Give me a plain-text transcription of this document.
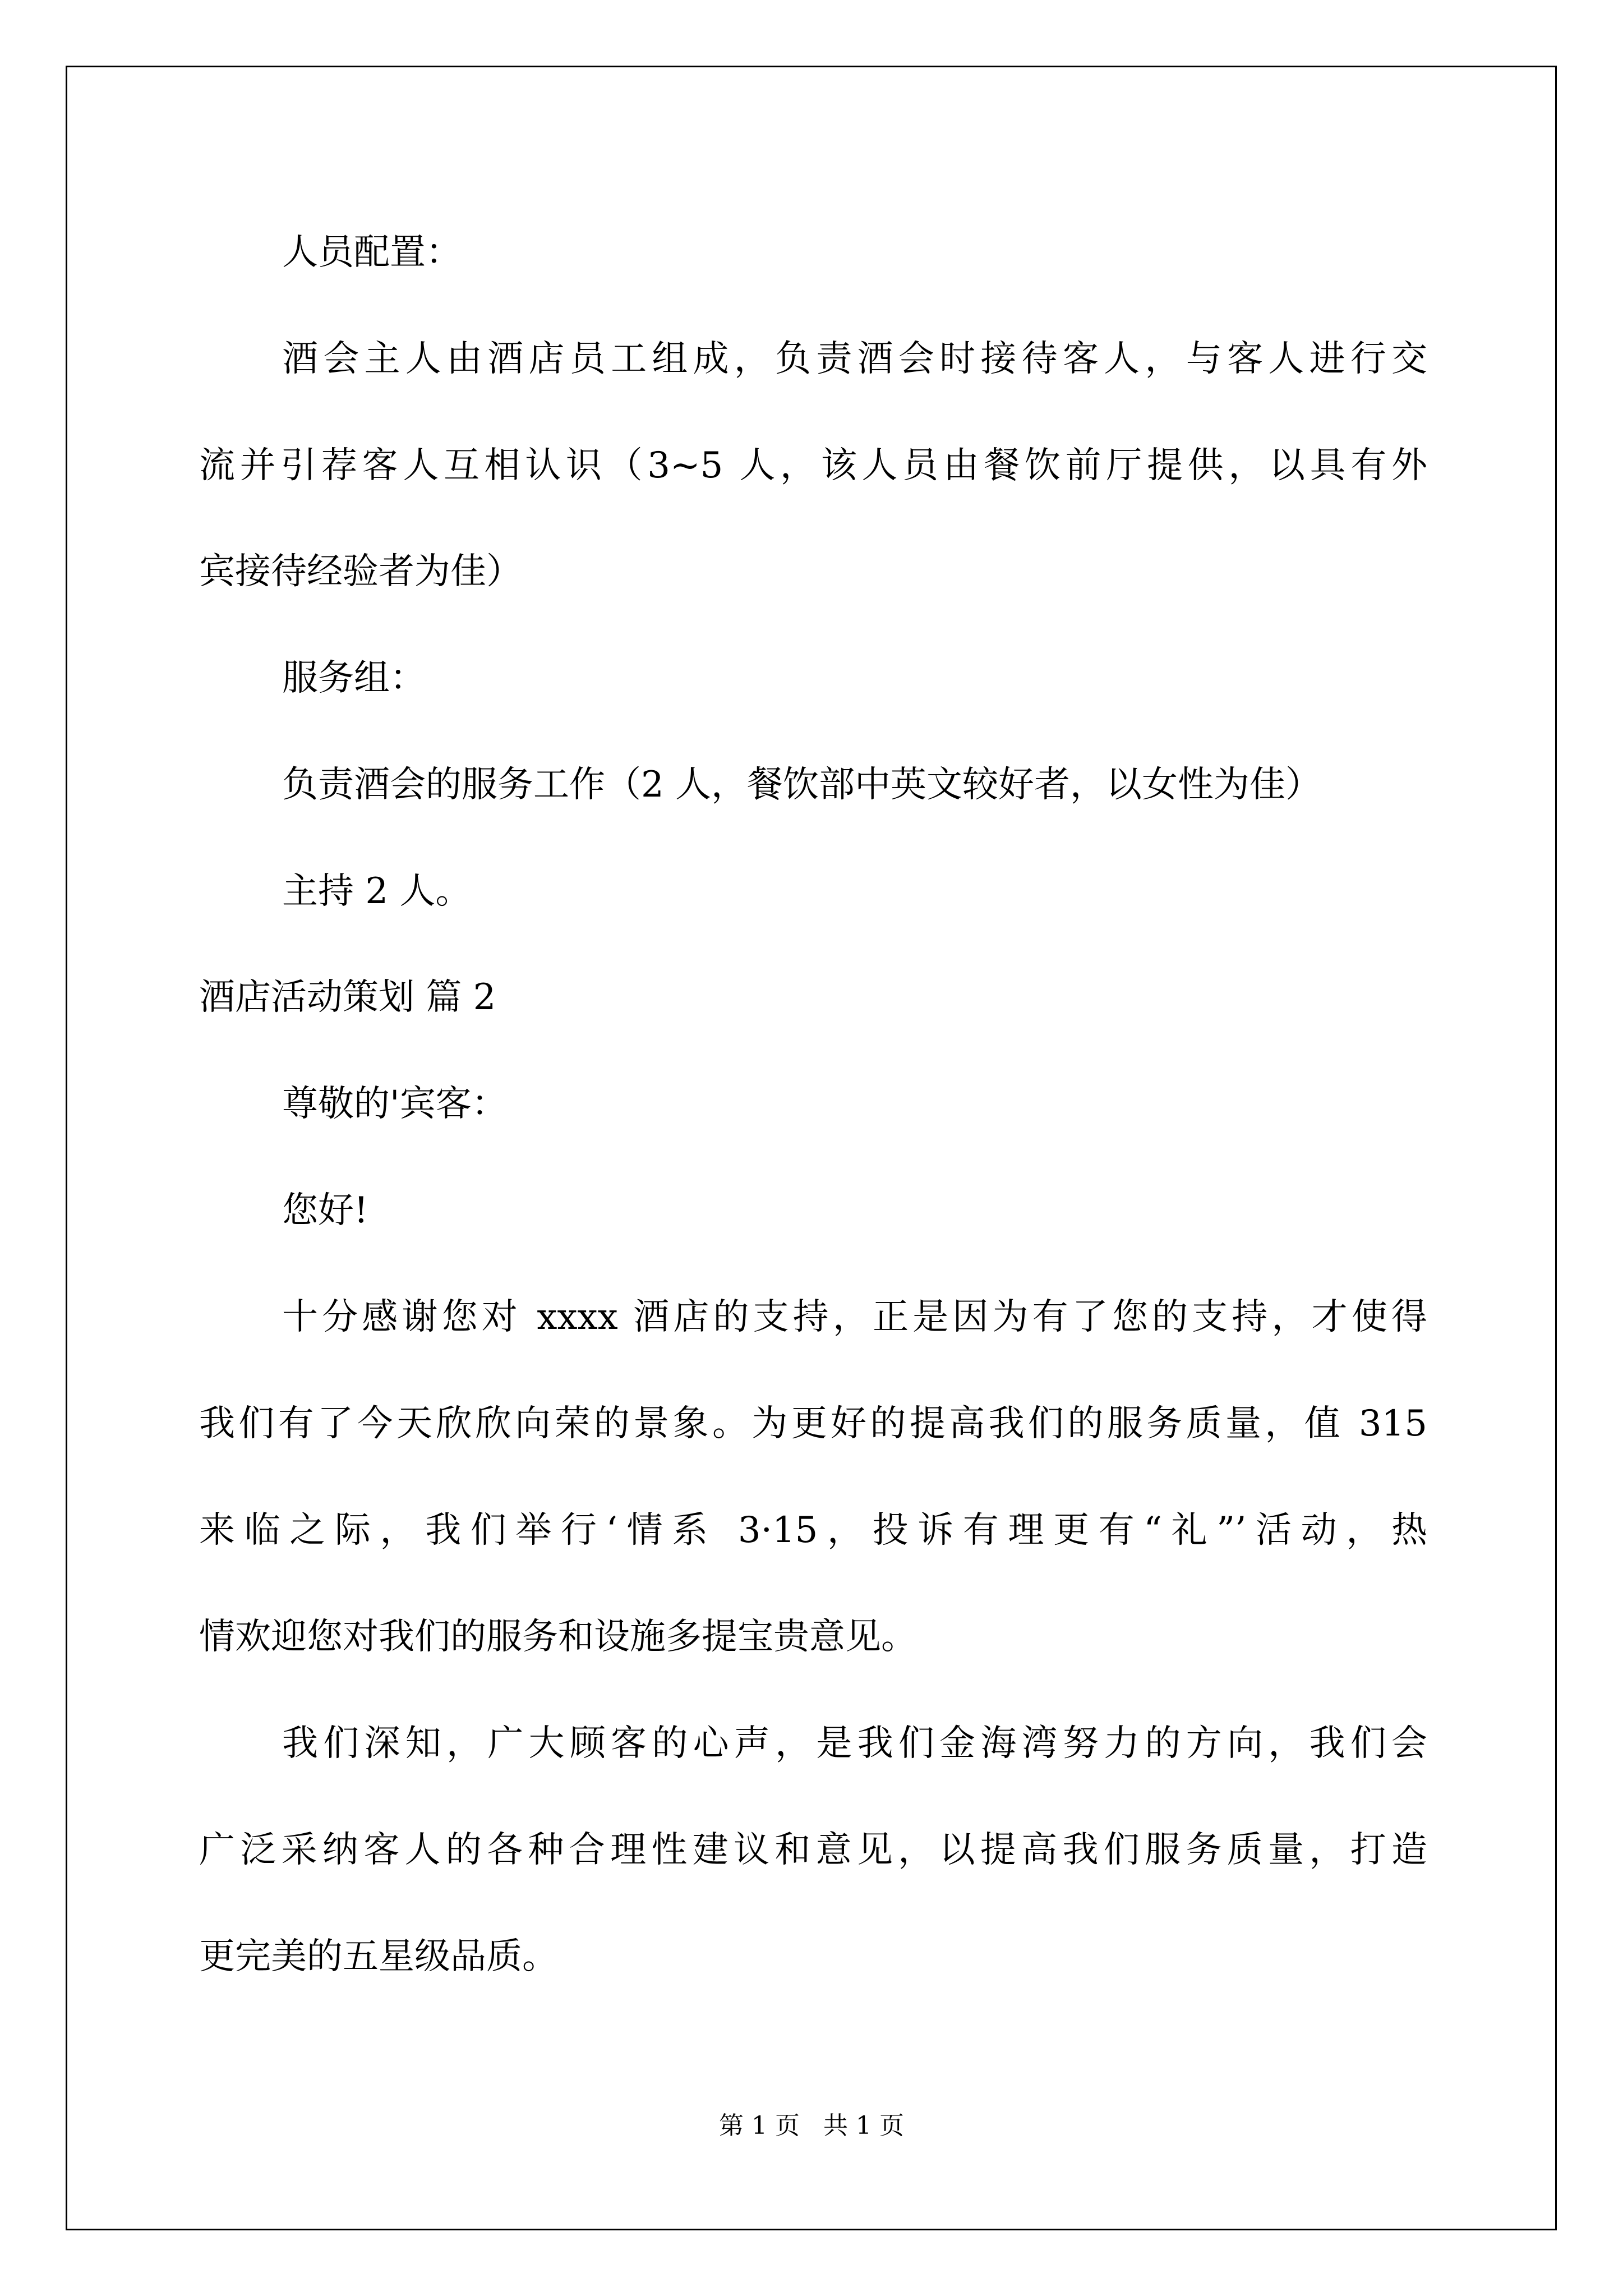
人员配置：
酒会主人由酒店员工组成，负责酒会时接待客人，与客人进行交
流并引荐客人互相认识（3~5 人，该人员由餐饮前厅提供，以具有外
宾接待经验者为佳）
服务组：
负责酒会的服务工作（2 人，餐饮部中英文较好者，以女性为佳）
主持 2 人。
酒店活动策划 篇 2
尊敬的'宾客：
您好!
十分感谢您对 xxxx 酒店的支持，正是因为有了您的支持，才使得
我们有了今天欣欣向荣的景象。为更好的提高我们的服务质量，值 315
来临之际，我们举行‘情系 3·15，投诉有理更有“礼”’活动，热
情欢迎您对我们的服务和设施多提宝贵意见。
我们深知，广大顾客的心声，是我们金海湾努力的方向，我们会
广泛采纳客人的各种合理性建议和意见，以提高我们服务质量，打造
更完美的五星级品质。
第 1 页   共 1 页
